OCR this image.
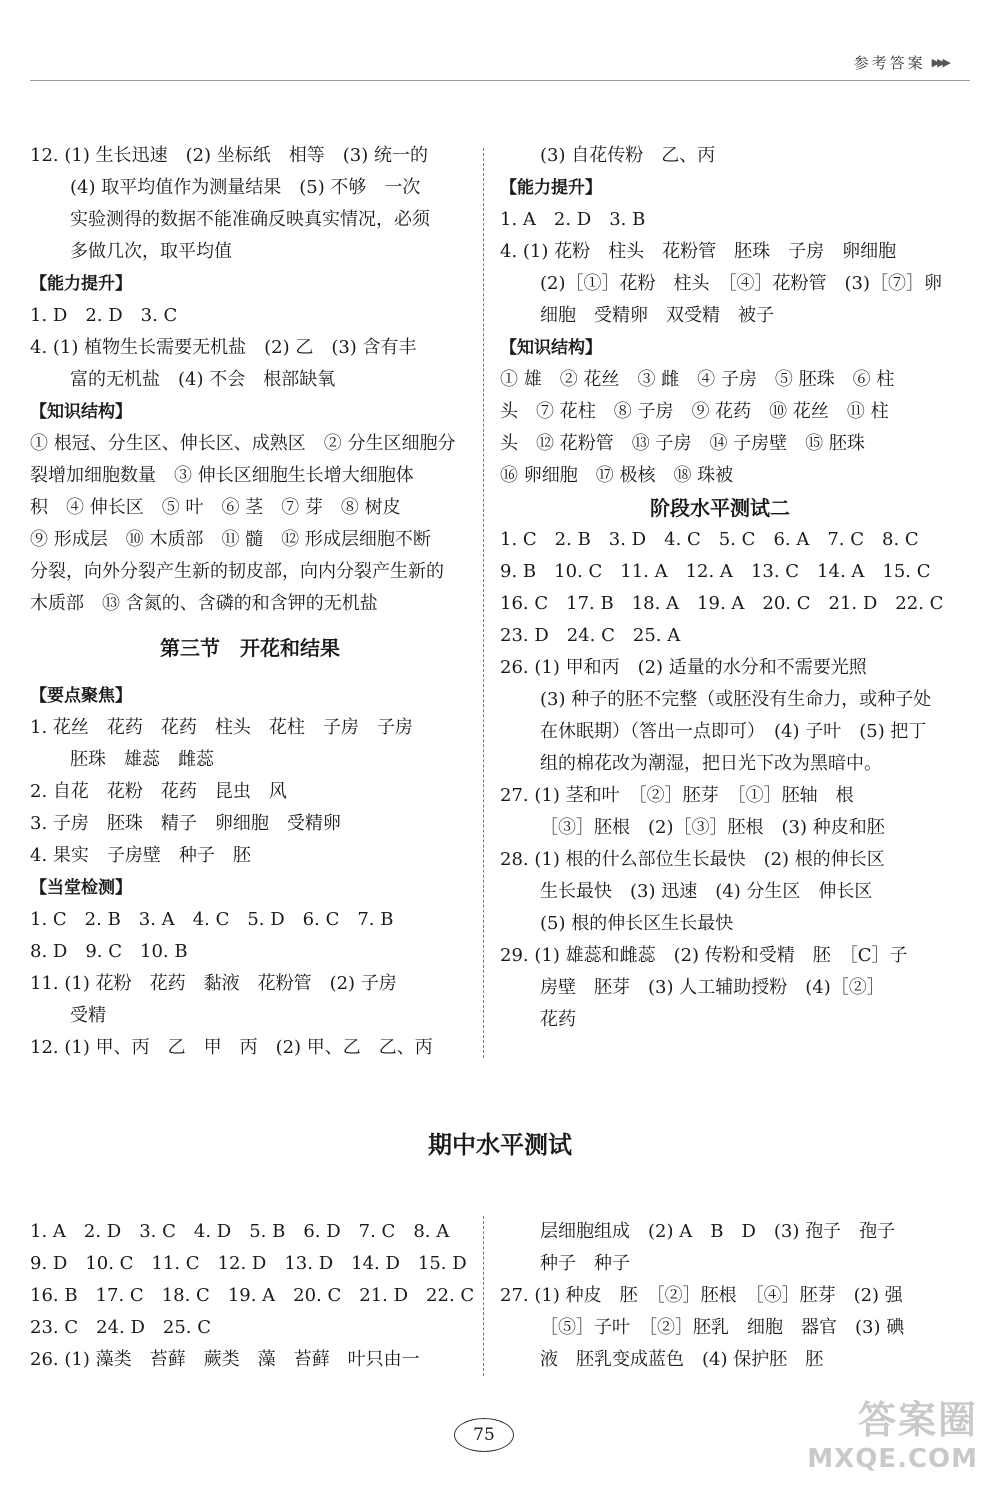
参考答案 ▶▶▶
12. (1) 生长迅速　(2) 坐标纸　相等　(3) 统一的
(4) 取平均值作为测量结果　(5) 不够　一次
实验测得的数据不能准确反映真实情况，必须
多做几次，取平均值
【能力提升】
1. D　2. D　3. C
4. (1) 植物生长需要无机盐　(2) 乙　(3) 含有丰
富的无机盐　(4) 不会　根部缺氧
【知识结构】
① 根冠、分生区、伸长区、成熟区　② 分生区细胞分
裂增加细胞数量　③ 伸长区细胞生长增大细胞体
积　④ 伸长区　⑤ 叶　⑥ 茎　⑦ 芽　⑧ 树皮
⑨ 形成层　⑩ 木质部　⑪ 髓　⑫ 形成层细胞不断
分裂，向外分裂产生新的韧皮部，向内分裂产生新的
木质部　⑬ 含氮的、含磷的和含钾的无机盐
第三节　开花和结果
【要点聚焦】
1. 花丝　花药　花药　柱头　花柱　子房　子房
胚珠　雄蕊　雌蕊
2. 自花　花粉　花药　昆虫　风
3. 子房　胚珠　精子　卵细胞　受精卵
4. 果实　子房壁　种子　胚
【当堂检测】
1. C　2. B　3. A　4. C　5. D　6. C　7. B
8. D　9. C　10. B
11. (1) 花粉　花药　黏液　花粉管　(2) 子房
受精
12. (1) 甲、丙　乙　甲　丙　(2) 甲、乙　乙、丙
(3) 自花传粉　乙、丙
【能力提升】
1. A　2. D　3. B
4. (1) 花粉　柱头　花粉管　胚珠　子房　卵细胞
(2)［①］花粉　柱头　［④］花粉管　(3)［⑦］卵
细胞　受精卵　双受精　被子
【知识结构】
① 雄　② 花丝　③ 雌　④ 子房　⑤ 胚珠　⑥ 柱
头　⑦ 花柱　⑧ 子房　⑨ 花药　⑩ 花丝　⑪ 柱
头　⑫ 花粉管　⑬ 子房　⑭ 子房壁　⑮ 胚珠
⑯ 卵细胞　⑰ 极核　⑱ 珠被
阶段水平测试二
1. C　2. B　3. D　4. C　5. C　6. A　7. C　8. C
9. B　10. C　11. A　12. A　13. C　14. A　15. C
16. C　17. B　18. A　19. A　20. C　21. D　22. C
23. D　24. C　25. A
26. (1) 甲和丙　(2) 适量的水分和不需要光照
(3) 种子的胚不完整（或胚没有生命力，或种子处
在休眠期）（答出一点即可）　(4) 子叶　(5) 把丁
组的棉花改为潮湿，把日光下改为黑暗中。
27. (1) 茎和叶　［②］胚芽　［①］胚轴　根
［③］胚根　(2)［③］胚根　(3) 种皮和胚
28. (1) 根的什么部位生长最快　(2) 根的伸长区
生长最快　(3) 迅速　(4) 分生区　伸长区
(5) 根的伸长区生长最快
29. (1) 雄蕊和雌蕊　(2) 传粉和受精　胚　［C］子
房壁　胚芽　(3) 人工辅助授粉　(4)［②］
花药
期中水平测试
1. A　2. D　3. C　4. D　5. B　6. D　7. C　8. A
9. D　10. C　11. C　12. D　13. D　14. D　15. D
16. B　17. C　18. C　19. A　20. C　21. D　22. C
23. C　24. D　25. C
26. (1) 藻类　苔藓　蕨类　藻　苔藓　叶只由一
层细胞组成　(2) A　B　D　(3) 孢子　孢子
种子　种子
27. (1) 种皮　胚　［②］胚根　［④］胚芽　(2) 强
［⑤］子叶　［②］胚乳　细胞　器官　(3) 碘
液　胚乳变成蓝色　(4) 保护胚　胚
75	答案圈
MXQE.COM
